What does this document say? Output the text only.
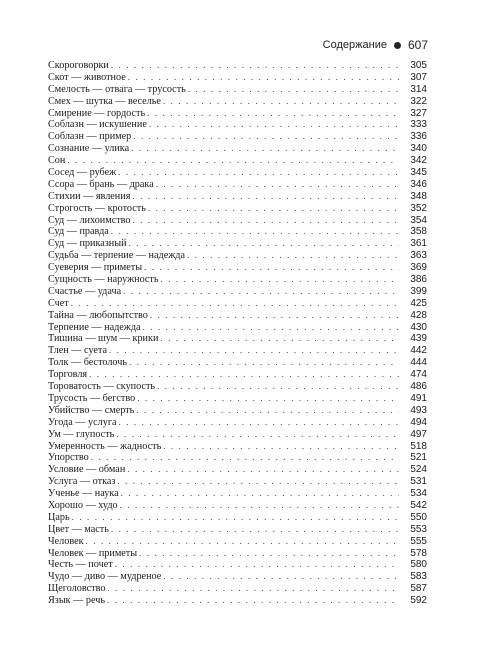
Содержание 607
Скороговорки . . .	305
Скот — животное . . .	307
Смелость — отвага — трусость . . .	314
Смех — шутка — веселье . . .	322
Смирение — гордость . . .	327
Соблазн — искушение . . .	333
Соблазн — пример . . .	336
Сознание — улика . . .	340
Сон . . .	342
Сосед — рубеж . . .	345
Ссора — брань — драка . . .	346
Стихии — явления . . .	348
Строгость — кротость . . .	352
Суд — лихоимство . . .	354
Суд — правда . . .	358
Суд — приказный . . .	361
Судьба — терпение — надежда . . .	363
Суеверия — приметы . . .	369
Сущность — наружность . . .	386
Счастье — удача . . .	399
Счет . . .	425
Тайна — любопытство . . .	428
Терпение — надежда . . .	430
Тишина — шум — крики . . .	439
Тлен — суета . . .	442
Толк — бестолочь . . .	444
Торговля . . .	474
Тороватость — скупость . . .	486
Трусость — бегство . . .	491
Убийство — смерть . . .	493
Угода — услуга . . .	494
Ум — глупость . . .	497
Умеренность — жадность . . .	518
Упорство . . .	521
Условие — обман . . .	524
Услуга — отказ . . .	531
Ученье — наука . . .	534
Хорошо — худо . . .	542
Царь . . .	550
Цвет — масть . . .	553
Человек . . .	555
Человек — приметы . . .	578
Честь — почет . . .	580
Чудо — диво — мудреное . . .	583
Щеголовство . . .	587
Язык — речь . . .	592
